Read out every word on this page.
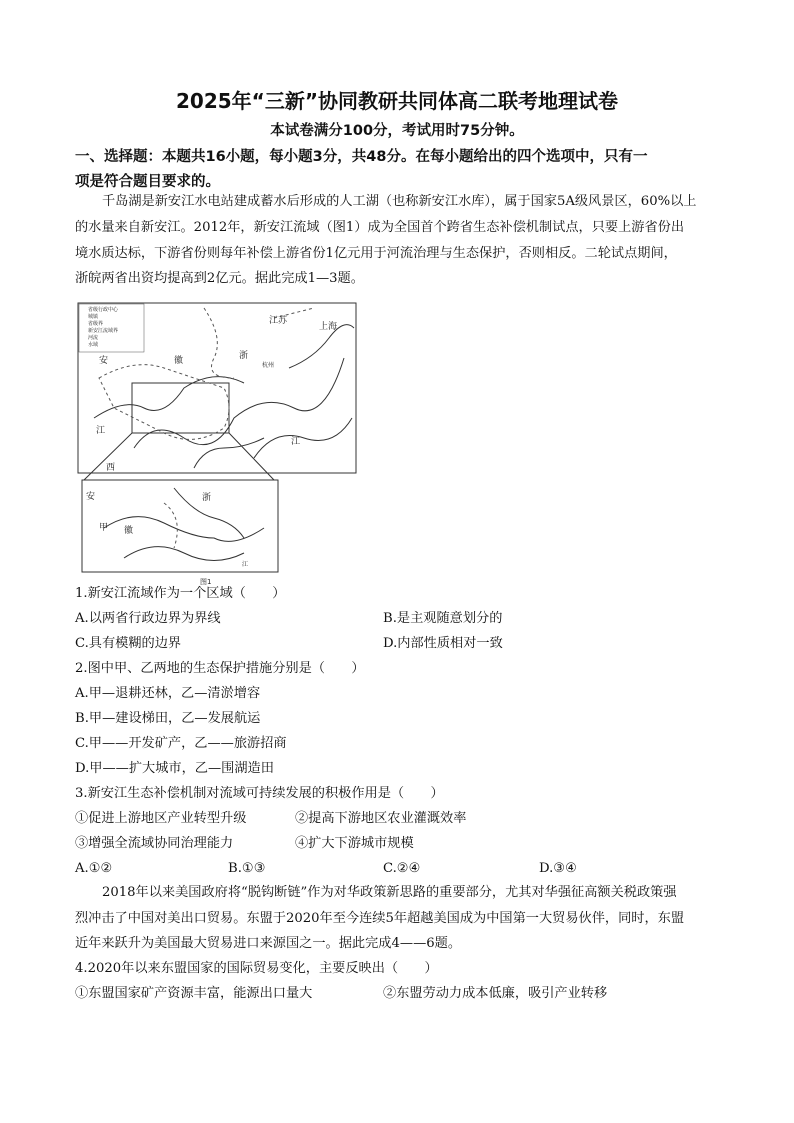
2025年“三新”协同教研共同体高二联考地理试卷
本试卷满分100分，考试用时75分钟。
一、选择题：本题共16小题，每小题3分，共48分。在每小题给出的四个选项中，只有一
项是符合题目要求的。
千岛湖是新安江水电站建成蓄水后形成的人工湖（也称新安江水库），属于国家5A级风景区，60%以上
的水量来自新安江。2012年，新安江流域（图1）成为全国首个跨省生态补偿机制试点，只要上游省份出
境水质达标，下游省份则每年补偿上游省份1亿元用于河流治理与生态保护，否则相反。二轮试点期间，
浙皖两省出资均提高到2亿元。据此完成1—3题。
省级行政中心
城镇
省级界
新安江流域界
河流
水域
江苏
上海
安	徽	浙
江
江
西
杭州
安
徽
浙
甲
江
图1
1.新安江流域作为一个区域（　　）
A.以两省行政边界为界线	B.是主观随意划分的
C.具有模糊的边界	D.内部性质相对一致
2.图中甲、乙两地的生态保护措施分别是（　　）
A.甲—退耕还林，乙—清淤增容
B.甲—建设梯田，乙—发展航运
C.甲——开发矿产，乙——旅游招商
D.甲——扩大城市，乙—围湖造田
3.新安江生态补偿机制对流域可持续发展的积极作用是（　　）
①促进上游地区产业转型升级	②提高下游地区农业灌溉效率
③增强全流域协同治理能力	④扩大下游城市规模
A.①②	B.①③	C.②④	D.③④
2018年以来美国政府将“脱钩断链”作为对华政策新思路的重要部分，尤其对华强征高额关税政策强
烈冲击了中国对美出口贸易。东盟于2020年至今连续5年超越美国成为中国第一大贸易伙伴，同时，东盟
近年来跃升为美国最大贸易进口来源国之一。据此完成4——6题。
4.2020年以来东盟国家的国际贸易变化，主要反映出（　　）
①东盟国家矿产资源丰富，能源出口量大	②东盟劳动力成本低廉，吸引产业转移
